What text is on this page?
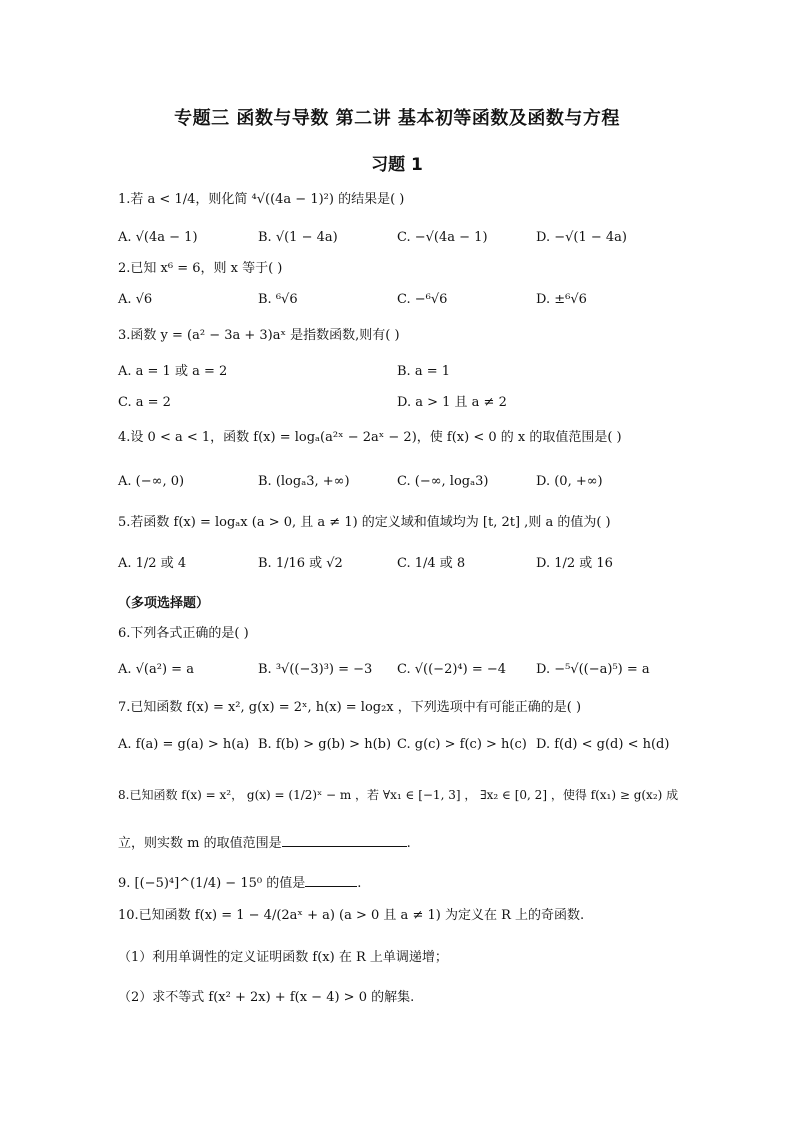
专题三 函数与导数 第二讲 基本初等函数及函数与方程
习题 1
1.若 a < 1/4，则化简 ⁴√((4a − 1)²) 的结果是( )
A. √(4a − 1)	B. √(1 − 4a)	C. −√(4a − 1)	D. −√(1 − 4a)
2.已知 x⁶ = 6，则 x 等于( )
A. √6	B. ⁶√6	C. −⁶√6	D. ±⁶√6
3.函数 y = (a² − 3a + 3)aˣ 是指数函数,则有( )
A. a = 1 或 a = 2	B. a = 1
C. a = 2	D. a > 1 且 a ≠ 2
4.设 0 < a < 1，函数 f(x) = logₐ(a²ˣ − 2aˣ − 2)，使 f(x) < 0 的 x 的取值范围是( )
A. (−∞, 0)	B. (logₐ3, +∞)	C. (−∞, logₐ3)	D. (0, +∞)
5.若函数 f(x) = logₐx (a > 0, 且 a ≠ 1) 的定义域和值域均为 [t, 2t] ,则 a 的值为( )
A. 1/2 或 4	B. 1/16 或 √2	C. 1/4 或 8	D. 1/2 或 16
（多项选择题）
6.下列各式正确的是( )
A. √(a²) = a	B. ³√((−3)³) = −3 C. √((−2)⁴) = −4 D. −⁵√((−a)⁵) = a
7.已知函数 f(x) = x², g(x) = 2ˣ, h(x) = log₂x ，下列选项中有可能正确的是( )
A. f(a) = g(a) > h(a) B. f(b) > g(b) > h(b) C. g(c) > f(c) > h(c) D. f(d) < g(d) < h(d)
8.已知函数 f(x) = x²， g(x) = (1/2)ˣ − m ，若 ∀x₁ ∈ [−1, 3] ， ∃x₂ ∈ [0, 2] ，使得 f(x₁) ≥ g(x₂) 成
立，则实数 m 的取值范围是	.
9. [(−5)⁴]^(1/4) − 15⁰ 的值是	.
10.已知函数 f(x) = 1 − 4/(2aˣ + a) (a > 0 且 a ≠ 1) 为定义在 R 上的奇函数.
（1）利用单调性的定义证明函数 f(x) 在 R 上单调递增；
（2）求不等式 f(x² + 2x) + f(x − 4) > 0 的解集.
